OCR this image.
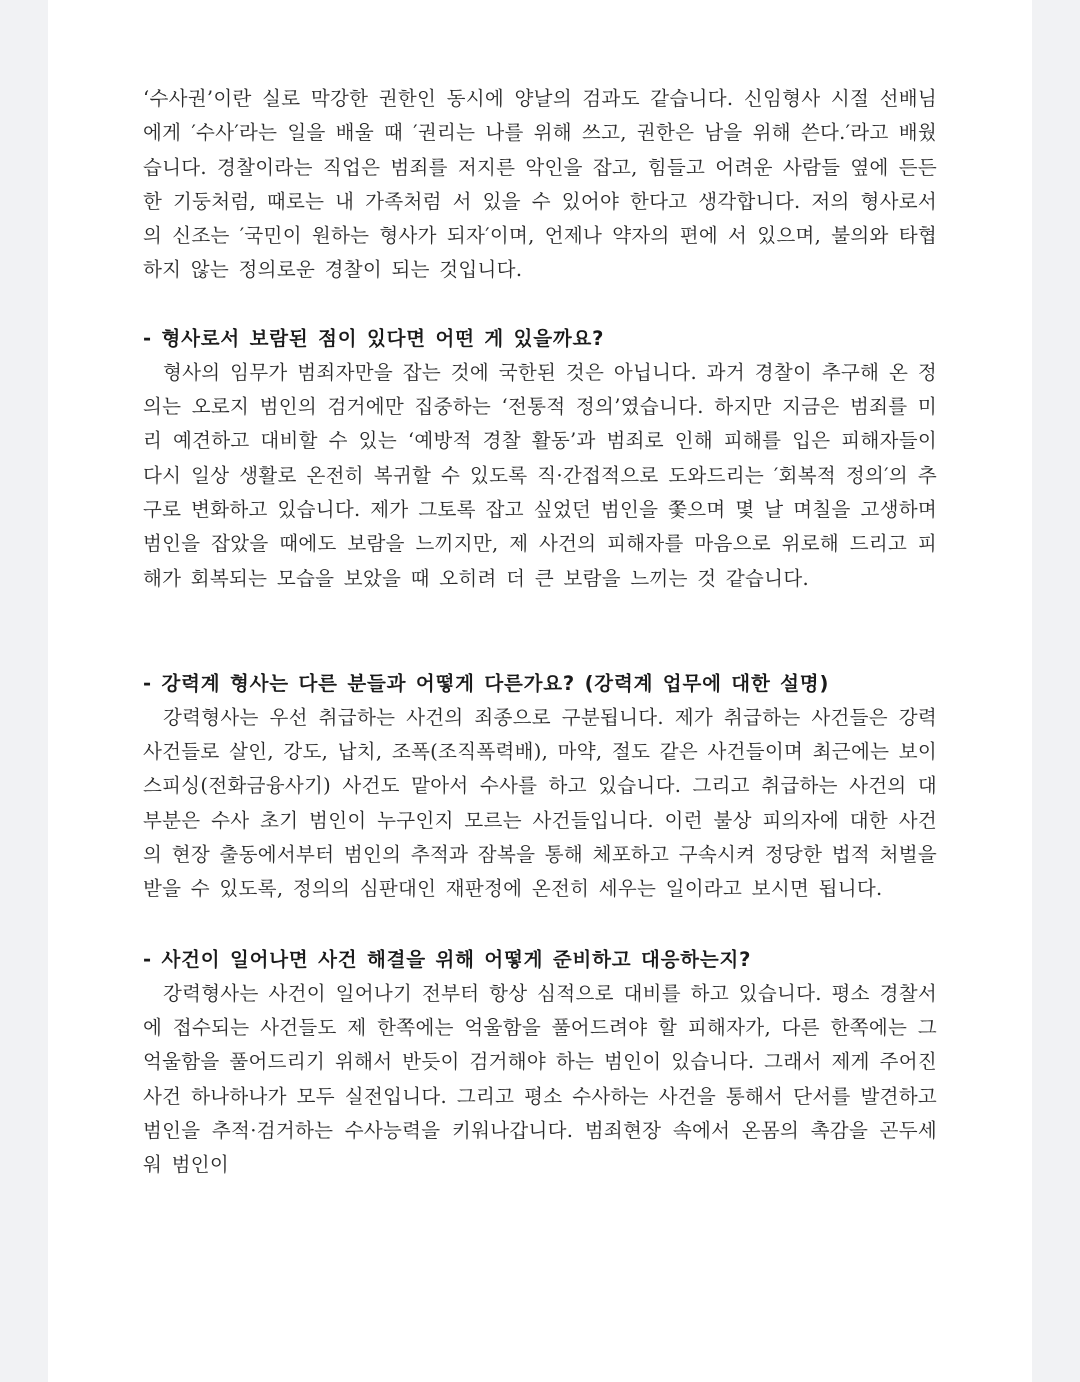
‘수사권’이란 실로 막강한 권한인 동시에 양날의 검과도 같습니다. 신임형사 시절 선배님에게 ′수사′라는 일을 배울 때 ′권리는 나를 위해 쓰고, 권한은 남을 위해 쓴다.′라고 배웠습니다. 경찰이라는 직업은 범죄를 저지른 악인을 잡고, 힘들고 어려운 사람들 옆에 든든한 기둥처럼, 때로는 내 가족처럼 서 있을 수 있어야 한다고 생각합니다. 저의 형사로서의 신조는 ′국민이 원하는 형사가 되자′이며, 언제나 약자의 편에 서 있으며, 불의와 타협하지 않는 정의로운 경찰이 되는 것입니다.

- 형사로서 보람된 점이 있다면 어떤 게 있을까요?

형사의 임무가 범죄자만을 잡는 것에 국한된 것은 아닙니다. 과거 경찰이 추구해 온 정의는 오로지 범인의 검거에만 집중하는 ‘전통적 정의’였습니다. 하지만 지금은 범죄를 미리 예견하고 대비할 수 있는 ‘예방적 경찰 활동’과 범죄로 인해 피해를 입은 피해자들이 다시 일상 생활로 온전히 복귀할 수 있도록 직·간접적으로 도와드리는 ′회복적 정의′의 추구로 변화하고 있습니다. 제가 그토록 잡고 싶었던 범인을 쫓으며 몇 날 며칠을 고생하며 범인을 잡았을 때에도 보람을 느끼지만, 제 사건의 피해자를 마음으로 위로해 드리고 피해가 회복되는 모습을 보았을 때 오히려 더 큰 보람을 느끼는 것 같습니다.

- 강력계 형사는 다른 분들과 어떻게 다른가요? (강력계 업무에 대한 설명)

강력형사는 우선 취급하는 사건의 죄종으로 구분됩니다. 제가 취급하는 사건들은 강력사건들로 살인, 강도, 납치, 조폭(조직폭력배), 마약, 절도 같은 사건들이며 최근에는 보이스피싱(전화금융사기) 사건도 맡아서 수사를 하고 있습니다. 그리고 취급하는 사건의 대부분은 수사 초기 범인이 누구인지 모르는 사건들입니다. 이런 불상 피의자에 대한 사건의 현장 출동에서부터 범인의 추적과 잠복을 통해 체포하고 구속시켜 정당한 법적 처벌을 받을 수 있도록, 정의의 심판대인 재판정에 온전히 세우는 일이라고 보시면 됩니다.

- 사건이 일어나면 사건 해결을 위해 어떻게 준비하고 대응하는지?

강력형사는 사건이 일어나기 전부터 항상 심적으로 대비를 하고 있습니다. 평소 경찰서에 접수되는 사건들도 제 한쪽에는 억울함을 풀어드려야 할 피해자가, 다른 한쪽에는 그 억울함을 풀어드리기 위해서 반듯이 검거해야 하는 범인이 있습니다. 그래서 제게 주어진 사건 하나하나가 모두 실전입니다. 그리고 평소 수사하는 사건을 통해서 단서를 발견하고 범인을 추적·검거하는 수사능력을 키워나갑니다. 범죄현장 속에서 온몸의 촉감을 곤두세워 범인이
